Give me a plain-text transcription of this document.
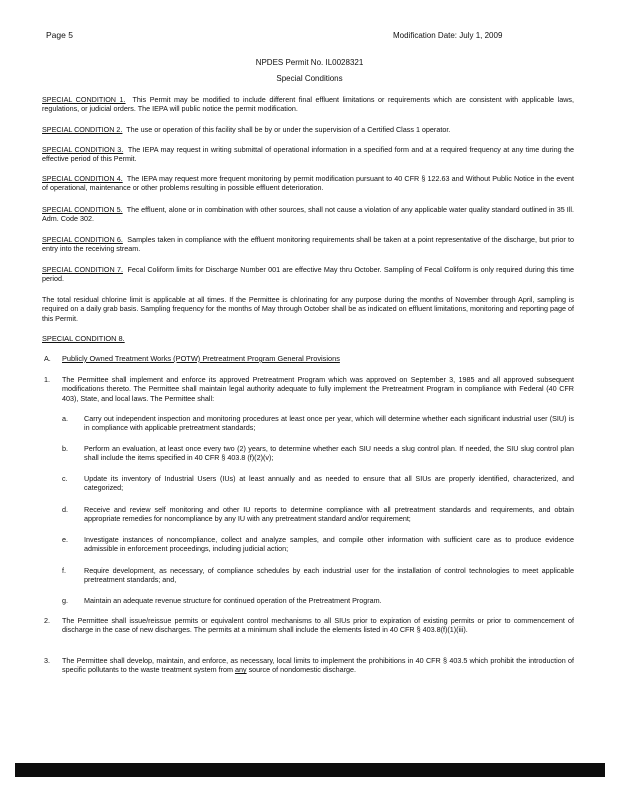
Page 5	Modification Date: July 1, 2009
NPDES Permit No. IL0028321
Special Conditions
SPECIAL CONDITION 1. This Permit may be modified to include different final effluent limitations or requirements which are consistent with applicable laws, regulations, or judicial orders. The IEPA will public notice the permit modification.
SPECIAL CONDITION 2. The use or operation of this facility shall be by or under the supervision of a Certified Class 1 operator.
SPECIAL CONDITION 3. The IEPA may request in writing submittal of operational information in a specified form and at a required frequency at any time during the effective period of this Permit.
SPECIAL CONDITION 4. The IEPA may request more frequent monitoring by permit modification pursuant to 40 CFR § 122.63 and Without Public Notice in the event of operational, maintenance or other problems resulting in possible effluent deterioration.
SPECIAL CONDITION 5. The effluent, alone or in combination with other sources, shall not cause a violation of any applicable water quality standard outlined in 35 Ill. Adm. Code 302.
SPECIAL CONDITION 6. Samples taken in compliance with the effluent monitoring requirements shall be taken at a point representative of the discharge, but prior to entry into the receiving stream.
SPECIAL CONDITION 7. Fecal Coliform limits for Discharge Number 001 are effective May thru October. Sampling of Fecal Coliform is only required during this time period.
The total residual chlorine limit is applicable at all times. If the Permittee is chlorinating for any purpose during the months of November through April, sampling is required on a daily grab basis. Sampling frequency for the months of May through October shall be as indicated on effluent limitations, monitoring and reporting page of this Permit.
SPECIAL CONDITION 8.
A. Publicly Owned Treatment Works (POTW) Pretreatment Program General Provisions
1. The Permittee shall implement and enforce its approved Pretreatment Program which was approved on September 3, 1985 and all approved subsequent modifications thereto. The Permittee shall maintain legal authority adequate to fully implement the Pretreatment Program in compliance with Federal (40 CFR 403), State, and local laws. The Permittee shall:
a. Carry out independent inspection and monitoring procedures at least once per year, which will determine whether each significant industrial user (SIU) is in compliance with applicable pretreatment standards;
b. Perform an evaluation, at least once every two (2) years, to determine whether each SIU needs a slug control plan. If needed, the SIU slug control plan shall include the items specified in 40 CFR § 403.8 (f)(2)(v);
c. Update its inventory of Industrial Users (IUs) at least annually and as needed to ensure that all SIUs are properly identified, characterized, and categorized;
d. Receive and review self monitoring and other IU reports to determine compliance with all pretreatment standards and requirements, and obtain appropriate remedies for noncompliance by any IU with any pretreatment standard and/or requirement;
e. Investigate instances of noncompliance, collect and analyze samples, and compile other information with sufficient care as to produce evidence admissible in enforcement proceedings, including judicial action;
f.	Require development, as necessary, of compliance schedules by each industrial user for the installation of control technologies to meet applicable pretreatment standards; and,
g. Maintain an adequate revenue structure for continued operation of the Pretreatment Program.
2. The Permittee shall issue/reissue permits or equivalent control mechanisms to all SIUs prior to expiration of existing permits or prior to commencement of discharge in the case of new discharges. The permits at a minimum shall include the elements listed in 40 CFR § 403.8(f)(1)(iii).
3. The Permittee shall develop, maintain, and enforce, as necessary, local limits to implement the prohibitions in 40 CFR § 403.5 which prohibit the introduction of specific pollutants to the waste treatment system from any source of nondomestic discharge.
